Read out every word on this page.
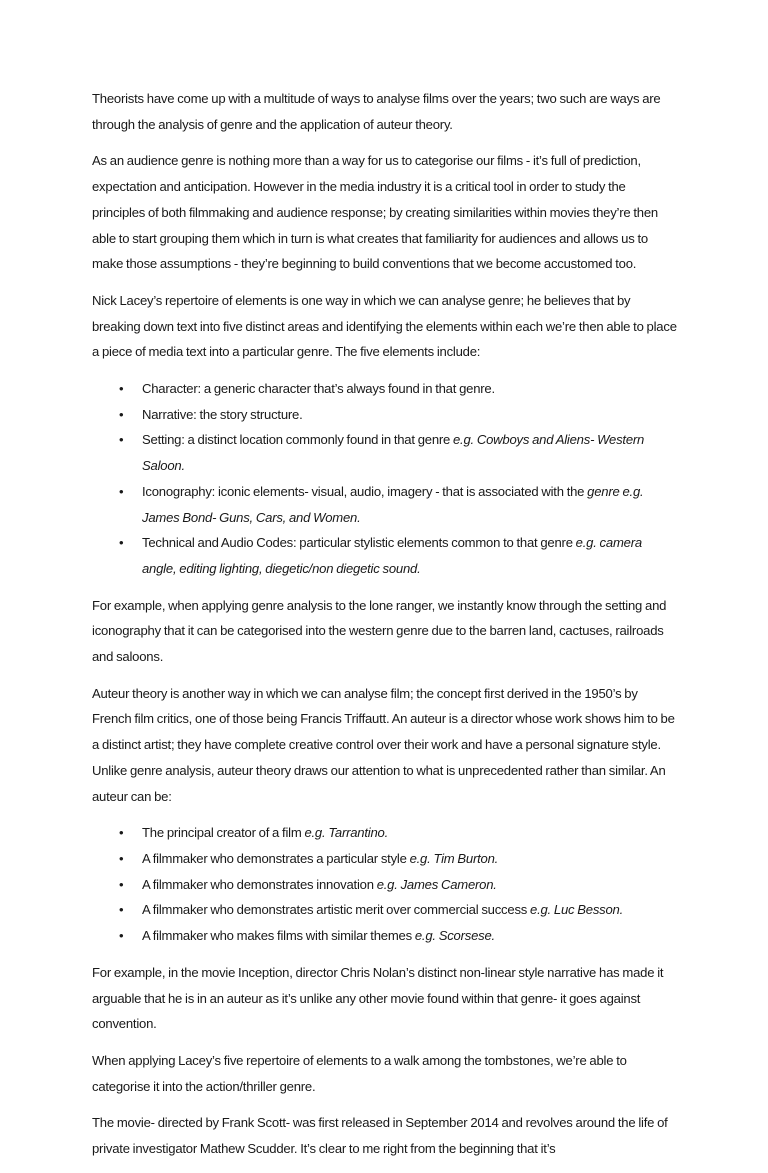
Theorists have come up with a multitude of ways to analyse films over the years; two such are ways are through the analysis of genre and the application of auteur theory.

As an audience genre is nothing more than a way for us to categorise our films - it’s full of prediction, expectation and anticipation. However in the media industry it is a critical tool in order to study the principles of both filmmaking and audience response; by creating similarities within movies they’re then able to start grouping them which in turn is what creates that familiarity for audiences and allows us to make those assumptions - they’re beginning to build conventions that we become accustomed too.

Nick Lacey’s repertoire of elements is one way in which we can analyse genre; he believes that by breaking down text into five distinct areas and identifying the elements within each we’re then able to place a piece of media text into a particular genre. The five elements include:

• Character: a generic character that’s always found in that genre.
• Narrative: the story structure.
• Setting: a distinct location commonly found in that genre e.g. Cowboys and Aliens- Western Saloon.
• Iconography: iconic elements- visual, audio, imagery - that is associated with the genre e.g. James Bond- Guns, Cars, and Women.
• Technical and Audio Codes: particular stylistic elements common to that genre e.g. camera angle, editing lighting, diegetic/non diegetic sound.

For example, when applying genre analysis to the lone ranger, we instantly know through the setting and iconography that it can be categorised into the western genre due to the barren land, cactuses, railroads and saloons.

Auteur theory is another way in which we can analyse film; the concept first derived in the 1950’s by French film critics, one of those being Francis Triffautt. An auteur is a director whose work shows him to be a distinct artist; they have complete creative control over their work and have a personal signature style. Unlike genre analysis, auteur theory draws our attention to what is unprecedented rather than similar. An auteur can be:

• The principal creator of a film e.g. Tarrantino.
• A filmmaker who demonstrates a particular style e.g. Tim Burton.
• A filmmaker who demonstrates innovation e.g. James Cameron.
• A filmmaker who demonstrates artistic merit over commercial success e.g. Luc Besson.
• A filmmaker who makes films with similar themes e.g. Scorsese.

For example, in the movie Inception, director Chris Nolan’s distinct non-linear style narrative has made it arguable that he is in an auteur as it’s unlike any other movie found within that genre- it goes against convention.

When applying Lacey’s five repertoire of elements to a walk among the tombstones, we’re able to categorise it into the action/thriller genre.

The movie- directed by Frank Scott- was first released in September 2014 and revolves around the life of private investigator Mathew Scudder. It’s clear to me right from the beginning that it’s
